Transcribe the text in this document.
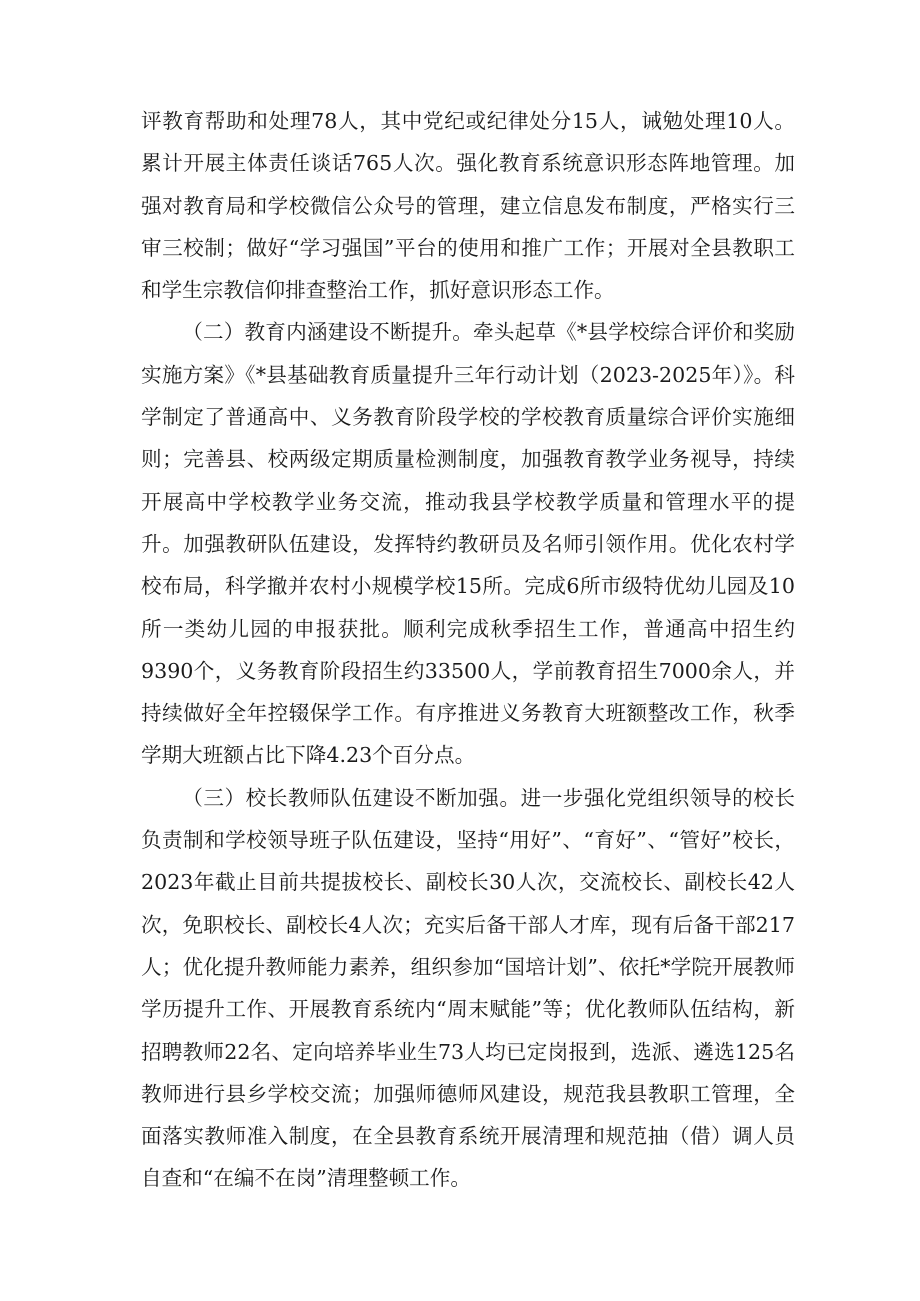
评教育帮助和处理78人，其中党纪或纪律处分15人，诫勉处理10人。累计开展主体责任谈话765人次。强化教育系统意识形态阵地管理。加强对教育局和学校微信公众号的管理，建立信息发布制度，严格实行三审三校制；做好“学习强国”平台的使用和推广工作；开展对全县教职工和学生宗教信仰排查整治工作，抓好意识形态工作。

（二）教育内涵建设不断提升。牵头起草《*县学校综合评价和奖励实施方案》《*县基础教育质量提升三年行动计划（2023-2025年）》。科学制定了普通高中、义务教育阶段学校的学校教育质量综合评价实施细则；完善县、校两级定期质量检测制度，加强教育教学业务视导，持续开展高中学校教学业务交流，推动我县学校教学质量和管理水平的提升。加强教研队伍建设，发挥特约教研员及名师引领作用。优化农村学校布局，科学撤并农村小规模学校15所。完成6所市级特优幼儿园及10所一类幼儿园的申报获批。顺利完成秋季招生工作，普通高中招生约9390个，义务教育阶段招生约33500人，学前教育招生7000余人，并持续做好全年控辍保学工作。有序推进义务教育大班额整改工作，秋季学期大班额占比下降4.23个百分点。

（三）校长教师队伍建设不断加强。进一步强化党组织领导的校长负责制和学校领导班子队伍建设，坚持“用好”、“育好”、“管好”校长，2023年截止目前共提拔校长、副校长30人次，交流校长、副校长42人次，免职校长、副校长4人次；充实后备干部人才库，现有后备干部217人；优化提升教师能力素养，组织参加“国培计划”、依托*学院开展教师学历提升工作、开展教育系统内“周末赋能”等；优化教师队伍结构，新招聘教师22名、定向培养毕业生73人均已定岗报到，选派、遴选125名教师进行县乡学校交流；加强师德师风建设，规范我县教职工管理，全面落实教师准入制度，在全县教育系统开展清理和规范抽（借）调人员自查和“在编不在岗”清理整顿工作。
